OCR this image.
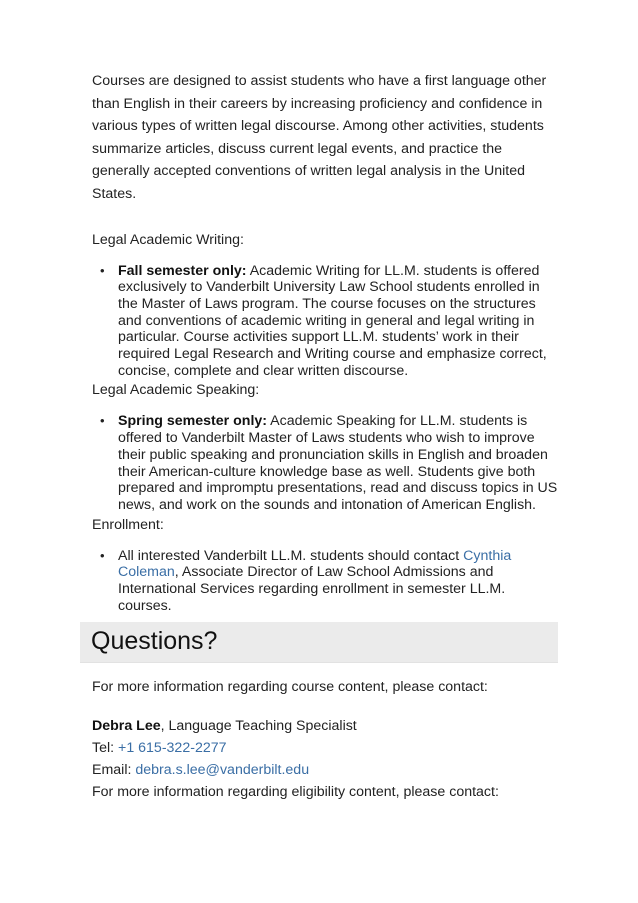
Courses are designed to assist students who have a first language other than English in their careers by increasing proficiency and confidence in various types of written legal discourse. Among other activities, students summarize articles, discuss current legal events, and practice the generally accepted conventions of written legal analysis in the United States.

Legal Academic Writing:

• Fall semester only: Academic Writing for LL.M. students is offered exclusively to Vanderbilt University Law School students enrolled in the Master of Laws program. The course focuses on the structures and conventions of academic writing in general and legal writing in particular. Course activities support LL.M. students’ work in their required Legal Research and Writing course and emphasize correct, concise, complete and clear written discourse.

Legal Academic Speaking:

• Spring semester only: Academic Speaking for LL.M. students is offered to Vanderbilt Master of Laws students who wish to improve their public speaking and pronunciation skills in English and broaden their American-culture knowledge base as well. Students give both prepared and impromptu presentations, read and discuss topics in US news, and work on the sounds and intonation of American English.

Enrollment:

• All interested Vanderbilt LL.M. students should contact Cynthia Coleman, Associate Director of Law School Admissions and International Services regarding enrollment in semester LL.M. courses.
Questions?
For more information regarding course content, please contact:
Debra Lee, Language Teaching Specialist
Tel: +1 615-322-2277
Email: debra.s.lee@vanderbilt.edu
For more information regarding eligibility content, please contact:
